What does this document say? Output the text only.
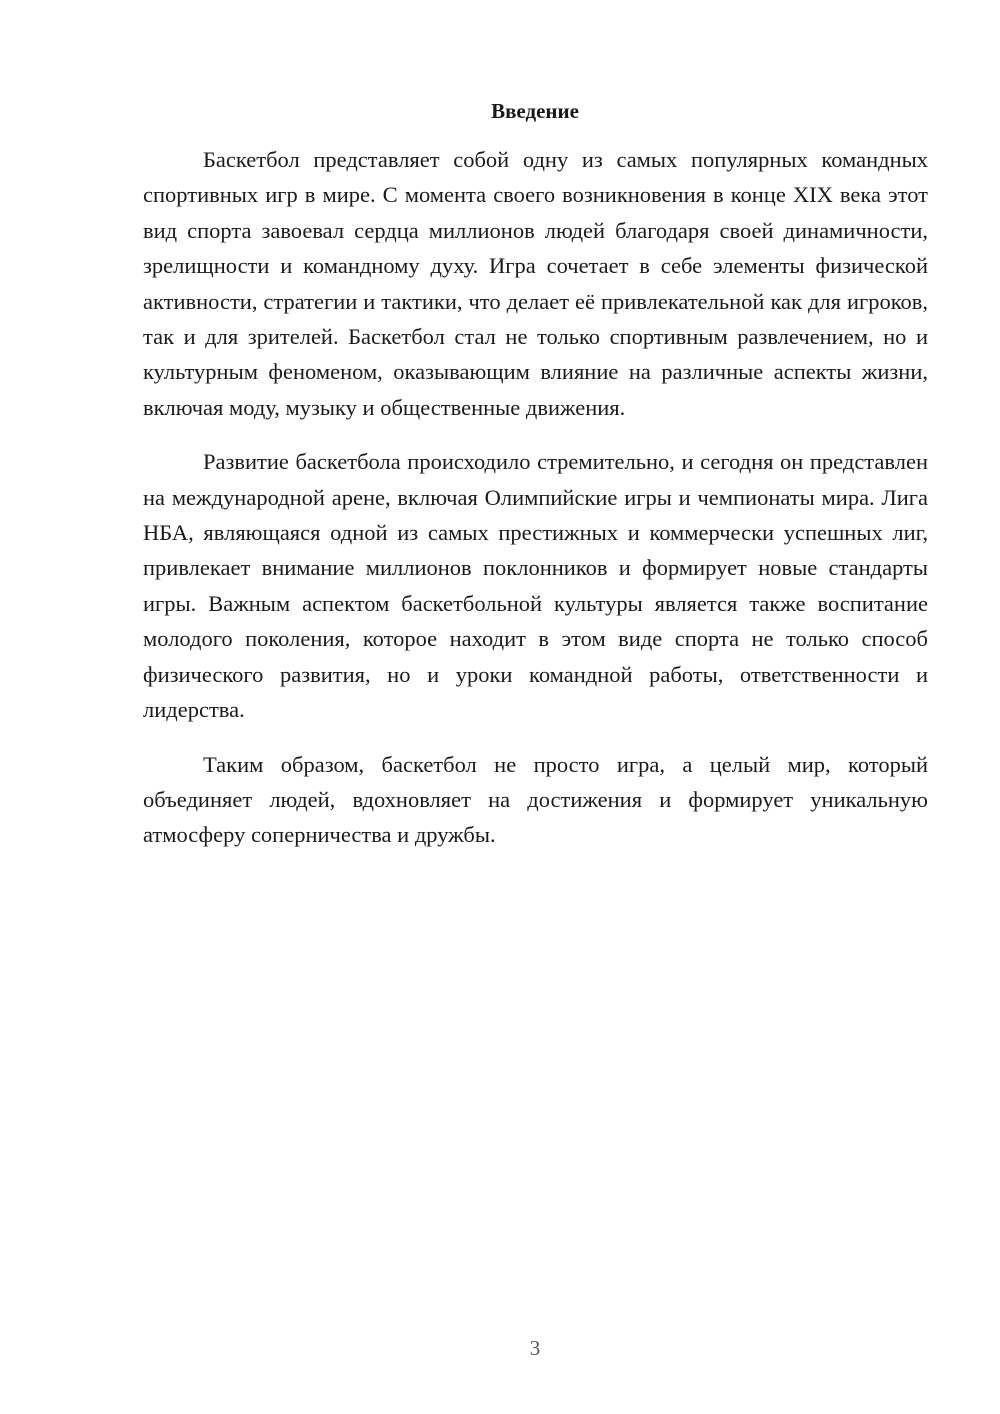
Введение

Баскетбол представляет собой одну из самых популярных командных спортивных игр в мире. С момента своего возникновения в конце XIX века этот вид спорта завоевал сердца миллионов людей благодаря своей динамичности, зрелищности и командному духу. Игра сочетает в себе элементы физической активности, стратегии и тактики, что делает её привлекательной как для игроков, так и для зрителей. Баскетбол стал не только спортивным развлечением, но и культурным феноменом, оказывающим влияние на различные аспекты жизни, включая моду, музыку и общественные движения.

Развитие баскетбола происходило стремительно, и сегодня он представлен на международной арене, включая Олимпийские игры и чемпионаты мира. Лига НБА, являющаяся одной из самых престижных и коммерчески успешных лиг, привлекает внимание миллионов поклонников и формирует новые стандарты игры. Важным аспектом баскетбольной культуры является также воспитание молодого поколения, которое находит в этом виде спорта не только способ физического развития, но и уроки командной работы, ответственности и лидерства.

Таким образом, баскетбол не просто игра, а целый мир, который объединяет людей, вдохновляет на достижения и формирует уникальную атмосферу соперничества и дружбы.

3
